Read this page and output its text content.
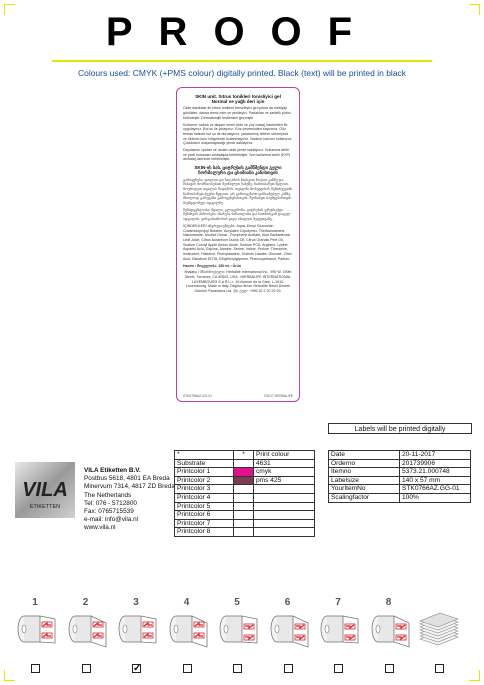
PROOF
Colours used: CMYK (+PMS colour) digitally printed. Black (text) will be printed in black
SKIN unit. Sıtrus tonikleri tonisliyici gel
Normal ve yağlı deri için
Cilde dakikalar ile sitrus tonikleri temizleyici gel yoksa da mekiyajı gözlükler, daima temiz mim ve yenileyici. Parlakları ve sadelik pürüz kötünleştir. Dermatolojik testlerden geçmiştir.
Kullanım: sabah ve akşam nemli cilde ve yüz masaj hareketleri ile uygulayınız. Bol su ile yıkayınız. Göz çevresinden kaçınınız. Göz temas halinde bol su ile durulayınız, yaralanmış ciltlere sürmeyiniz ve cildinizi kuru bölgelerde kullanmayınız. Sadece haricen kullanınız. Çocukların ulaşamayacağı yerde saklayınız.
Depolama: ışıktan ve ısıdan uzak yerde saklayınız. Kullanma tarihi ve parti numarası ambalajda belirtilmiştir. Son kullanma tarihi (EXP) ambalaj üzerinde belirtilmiştir.
SKIN-ის სახ. ციტრუსის გამწმენდი გელი
ნორმალური და ცხიმიანი კანისთვის
გამოყენება: დილით და საღამოს წაისვით ნოტიო კანზე და მასაჟის მოძრაობებით შეიზილეთ სახეზე. ჩამოიბანეთ წყლით. მოერიდეთ თვალის მიდამოს. თვალში მოხვედრის შემთხვევაში ჩამოიბანეთ ბევრი წყლით. არ გამოიყენოთ დაზიანებულ კანზე. მხოლოდ გარეგანი გამოყენებისთვის. შეინახეთ ბავშვებისთვის მიუწვდომელ ადგილზე.
შემადგენლობა: წყალი, გლიცერინი, ციტრუსის ექსტრაქტი. შენახვის პირობები: ინახება სინათლისა და სითბოსგან დაცულ ადგილას. ვარგისიანობის ვადა იხილეთ შეფუთვაზე.
İÇİNDEKİLER/ ინგრედიენტები: Aqua, Decyl Glucoside, Cocamidopropyl Betaine, Acrylates Copolymer, Triethanolamine, Niacinamide, Alcohol Denat., Tocopheryl Acetate, Aloe Barbadensis Leaf Juice, Citrus Aurantium Dulcis Oil, Citrus Grandis Peel Oil, Sodium Cocoyl Apple Amino Acids, Sodium PCA, Arginine, Lysine, Aspartic Acid, Glycine, Alanine, Serine, Valine, Proline, Threonine, Isoleucine, Histidine, Phenylalanine, Sodium Lactate, Glucose, Citric Acid, Disodium EDTA, Ethylhexylglycerin, Phenoxyethanol, Parfum.
Hacim ▪ მოცულობა: 150 ml ▪ Ürün
İthalatçı / მწარმოებელი: Herbalife International Inc., 990 W. 190th Street, Torrance, CA 90502, USA. «HERBALIFE INTERNATIONAL LUXEMBOURG S.à R.L.», 16 Avenue de la Gare, L-1610, Luxembourg. Made in Italy. Dağıtıcı firma: Herbalife Besin Destek Ürünleri Pazarlama Ltd. Şti. ტელ: +995 32 2 20 29 29.
STK0766AZ-GG-01	©2017 HERBALIFE
Labels will be printed digitally
VILA
ETIKETTEN
VILA Etiketten B.V.
Postbus 5618, 4801 EA Breda
Minervum 7314, 4817 ZD Breda
The Netherlands
Tel: 076 - 5712800
Fax: 0765715539
e-mail: info@vila.nl
www.vila.nl
*	*	Print colour
Substrate		4631
Printcolor 1		cmyk
Printcolor 2		pms 425
Printcolor 3		
Printcolor 4		
Printcolor 5		
Printcolor 6		
Printcolor 7		
Printcolor 8		
Date	20-11-2017
Orderno	201739906
Itemno	5373.21.000748
Labelsize	140 x 57 mm
YourItemNo	STK0766AZ.GG-01
Scalingfactor	100%
1	2	3	4	5	6	7	8
✓
